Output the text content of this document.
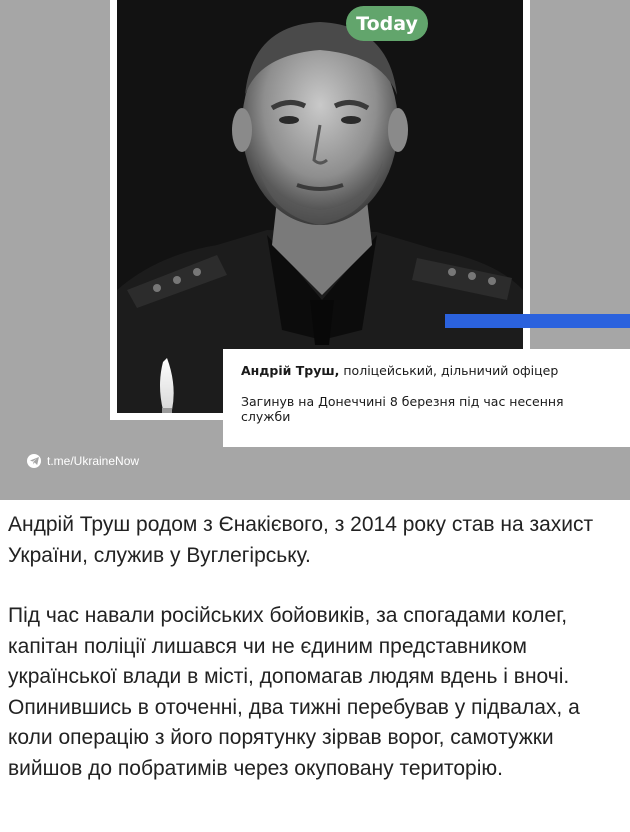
Today
Андрій Труш, поліцейський, дільничий офіцер
Загинув на Донеччині 8 березня під час несення служби
t.me/UkraineNow

Андрій Труш родом з Єнакієвого, з 2014 року став на захист України, служив у Вуглегірську.

Під час навали російських бойовиків, за спогадами колег, капітан поліції лишався чи не єдиним представником української влади в місті, допомагав людям вдень і вночі. Опинившись в оточенні, два тижні перебував у підвалах, а коли операцію з його порятунку зірвав ворог, самотужки вийшов до побратимів через окуповану територію.
